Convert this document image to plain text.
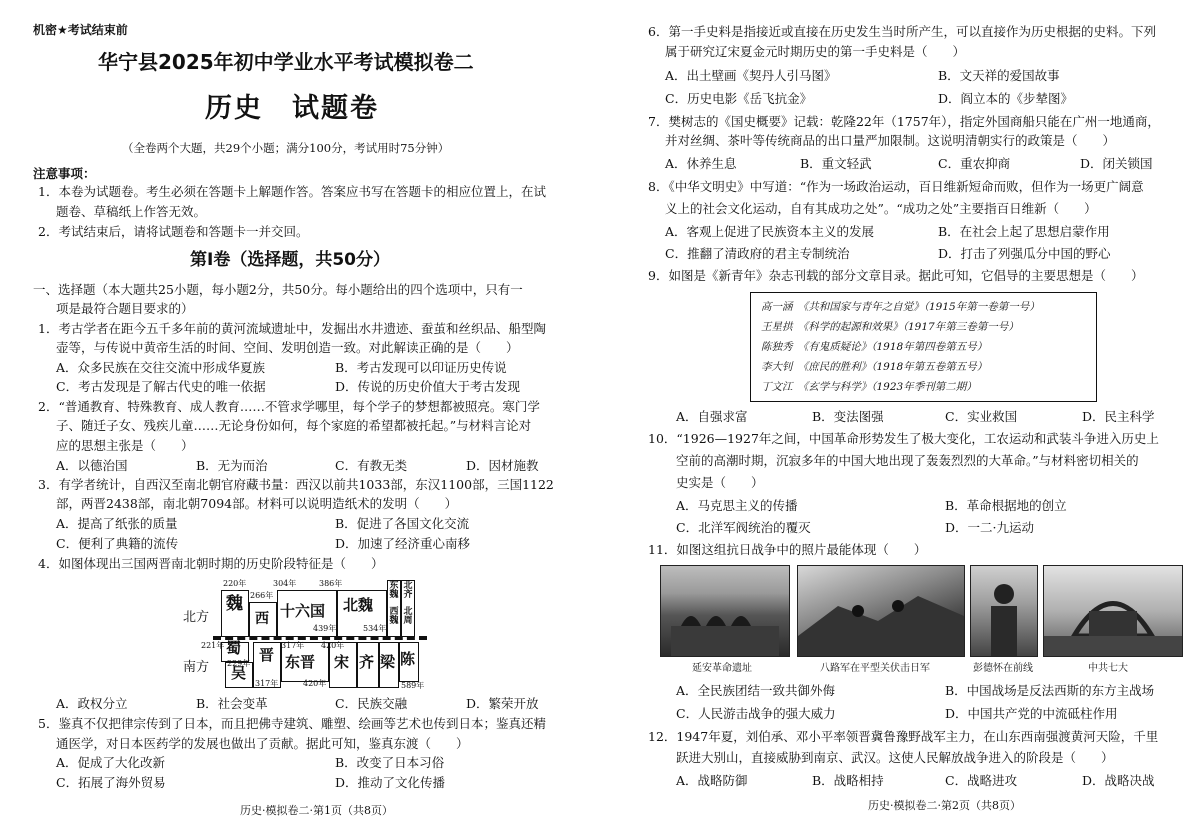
机密★考试结束前
华宁县2025年初中学业水平考试模拟卷二
历史　试题卷
（全卷两个大题，共29个小题；满分100分，考试用时75分钟）
注意事项：
1．本卷为试题卷。考生必须在答题卡上解题作答。答案应书写在答题卡的相应位置上，在试
题卷、草稿纸上作答无效。
2．考试结束后，请将试题卷和答题卡一并交回。
第Ⅰ卷（选择题，共50分）
一、选择题（本大题共25小题，每小题2分，共50分。每小题给出的四个选项中，只有一
项是最符合题目要求的）
1．考古学者在距今五千多年前的黄河流域遗址中，发掘出水井遗迹、蚕茧和丝织品、船型陶
壶等，与传说中黄帝生活的时间、空间、发明创造一致。对此解读正确的是（　　）
A．众多民族在交往交流中形成华夏族	B．考古发现可以印证历史传说
C．考古发现是了解古代史的唯一依据	D．传说的历史价值大于考古发现
2．“普通教育、特殊教育、成人教育……不管求学哪里，每个学子的梦想都被照亮。寒门学
子、随迁子女、残疾儿童……无论身份如何，每个家庭的希望都被托起。”与材料言论对
应的思想主张是（　　）
A．以德治国	B．无为而治	C．有教无类	D．因材施教
3．有学者统计，自西汉至南北朝官府藏书量：西汉以前共1033部，东汉1100部，三国1122
部，两晋2438部，南北朝7094部。材料可以说明造纸术的发明（　　）
A．提高了纸张的质量	B．促进了各国文化交流
C．便利了典籍的流传	D．加速了经济重心南移
4．如图体现出三国两晋南北朝时期的历史阶段特征是（　　）
北方
南方
魏
西 十六国 北魏
东魏
西魏
北齐
北周
蜀
吴
晋 东晋 宋 齐 梁 陈
220年
266年
304年	386年
439年	534年
221年
229年
317年
317年
420年
420年	589年
A．政权分立	B．社会变革	C．民族交融	D．繁荣开放
5．鉴真不仅把律宗传到了日本，而且把佛寺建筑、雕塑、绘画等艺术也传到日本；鉴真还精
通医学，对日本医药学的发展也做出了贡献。据此可知，鉴真东渡（　　）
A．促成了大化改新	B．改变了日本习俗
C．拓展了海外贸易	D．推动了文化传播
历史·模拟卷二·第1页（共8页）
6．第一手史料是指接近或直接在历史发生当时所产生，可以直接作为历史根据的史料。下列
属于研究辽宋夏金元时期历史的第一手史料是（　　）
A．出土壁画《契丹人引马图》	B．文天祥的爱国故事
C．历史电影《岳飞抗金》	D．阎立本的《步辇图》
7．樊树志的《国史概要》记载：乾隆22年（1757年），指定外国商船只能在广州一地通商，
并对丝绸、茶叶等传统商品的出口量严加限制。这说明清朝实行的政策是（　　）
A．休养生息	B．重文轻武	C．重农抑商	D．闭关锁国
8．《中华文明史》中写道：“作为一场政治运动，百日维新短命而败，但作为一场更广阔意
义上的社会文化运动，自有其成功之处”。“成功之处”主要指百日维新（　　）
A．客观上促进了民族资本主义的发展	B．在社会上起了思想启蒙作用
C．推翻了清政府的君主专制统治	D．打击了列强瓜分中国的野心
9．如图是《新青年》杂志刊载的部分文章目录。据此可知，它倡导的主要思想是（　　）
高一涵　《共和国家与青年之自觉》（1915年第一卷第一号）
王星拱　《科学的起源和效果》（1917年第三卷第一号）
陈独秀　《有鬼质疑论》（1918年第四卷第五号）
李大钊　《庶民的胜利》（1918年第五卷第五号）
丁文江　《玄学与科学》（1923年季刊第二期）
A．自强求富	B．变法图强	C．实业救国	D．民主科学
10．“1926—1927年之间，中国革命形势发生了极大变化，工农运动和武装斗争进入历史上
空前的高潮时期，沉寂多年的中国大地出现了轰轰烈烈的大革命。”与材料密切相关的
史实是（　　）
A．马克思主义的传播	B．革命根据地的创立
C．北洋军阀统治的覆灭	D．一二·九运动
11．如图这组抗日战争中的照片最能体现（　　）
延安革命遗址	八路军在平型关伏击日军	彭德怀在前线	中共七大
A．全民族团结一致共御外侮	B．中国战场是反法西斯的东方主战场
C．人民游击战争的强大威力	D．中国共产党的中流砥柱作用
12．1947年夏，刘伯承、邓小平率领晋冀鲁豫野战军主力，在山东西南强渡黄河天险，千里
跃进大别山，直接威胁到南京、武汉。这使人民解放战争进入的阶段是（　　）
A．战略防御	B．战略相持	C．战略进攻	D．战略决战
历史·模拟卷二·第2页（共8页）
